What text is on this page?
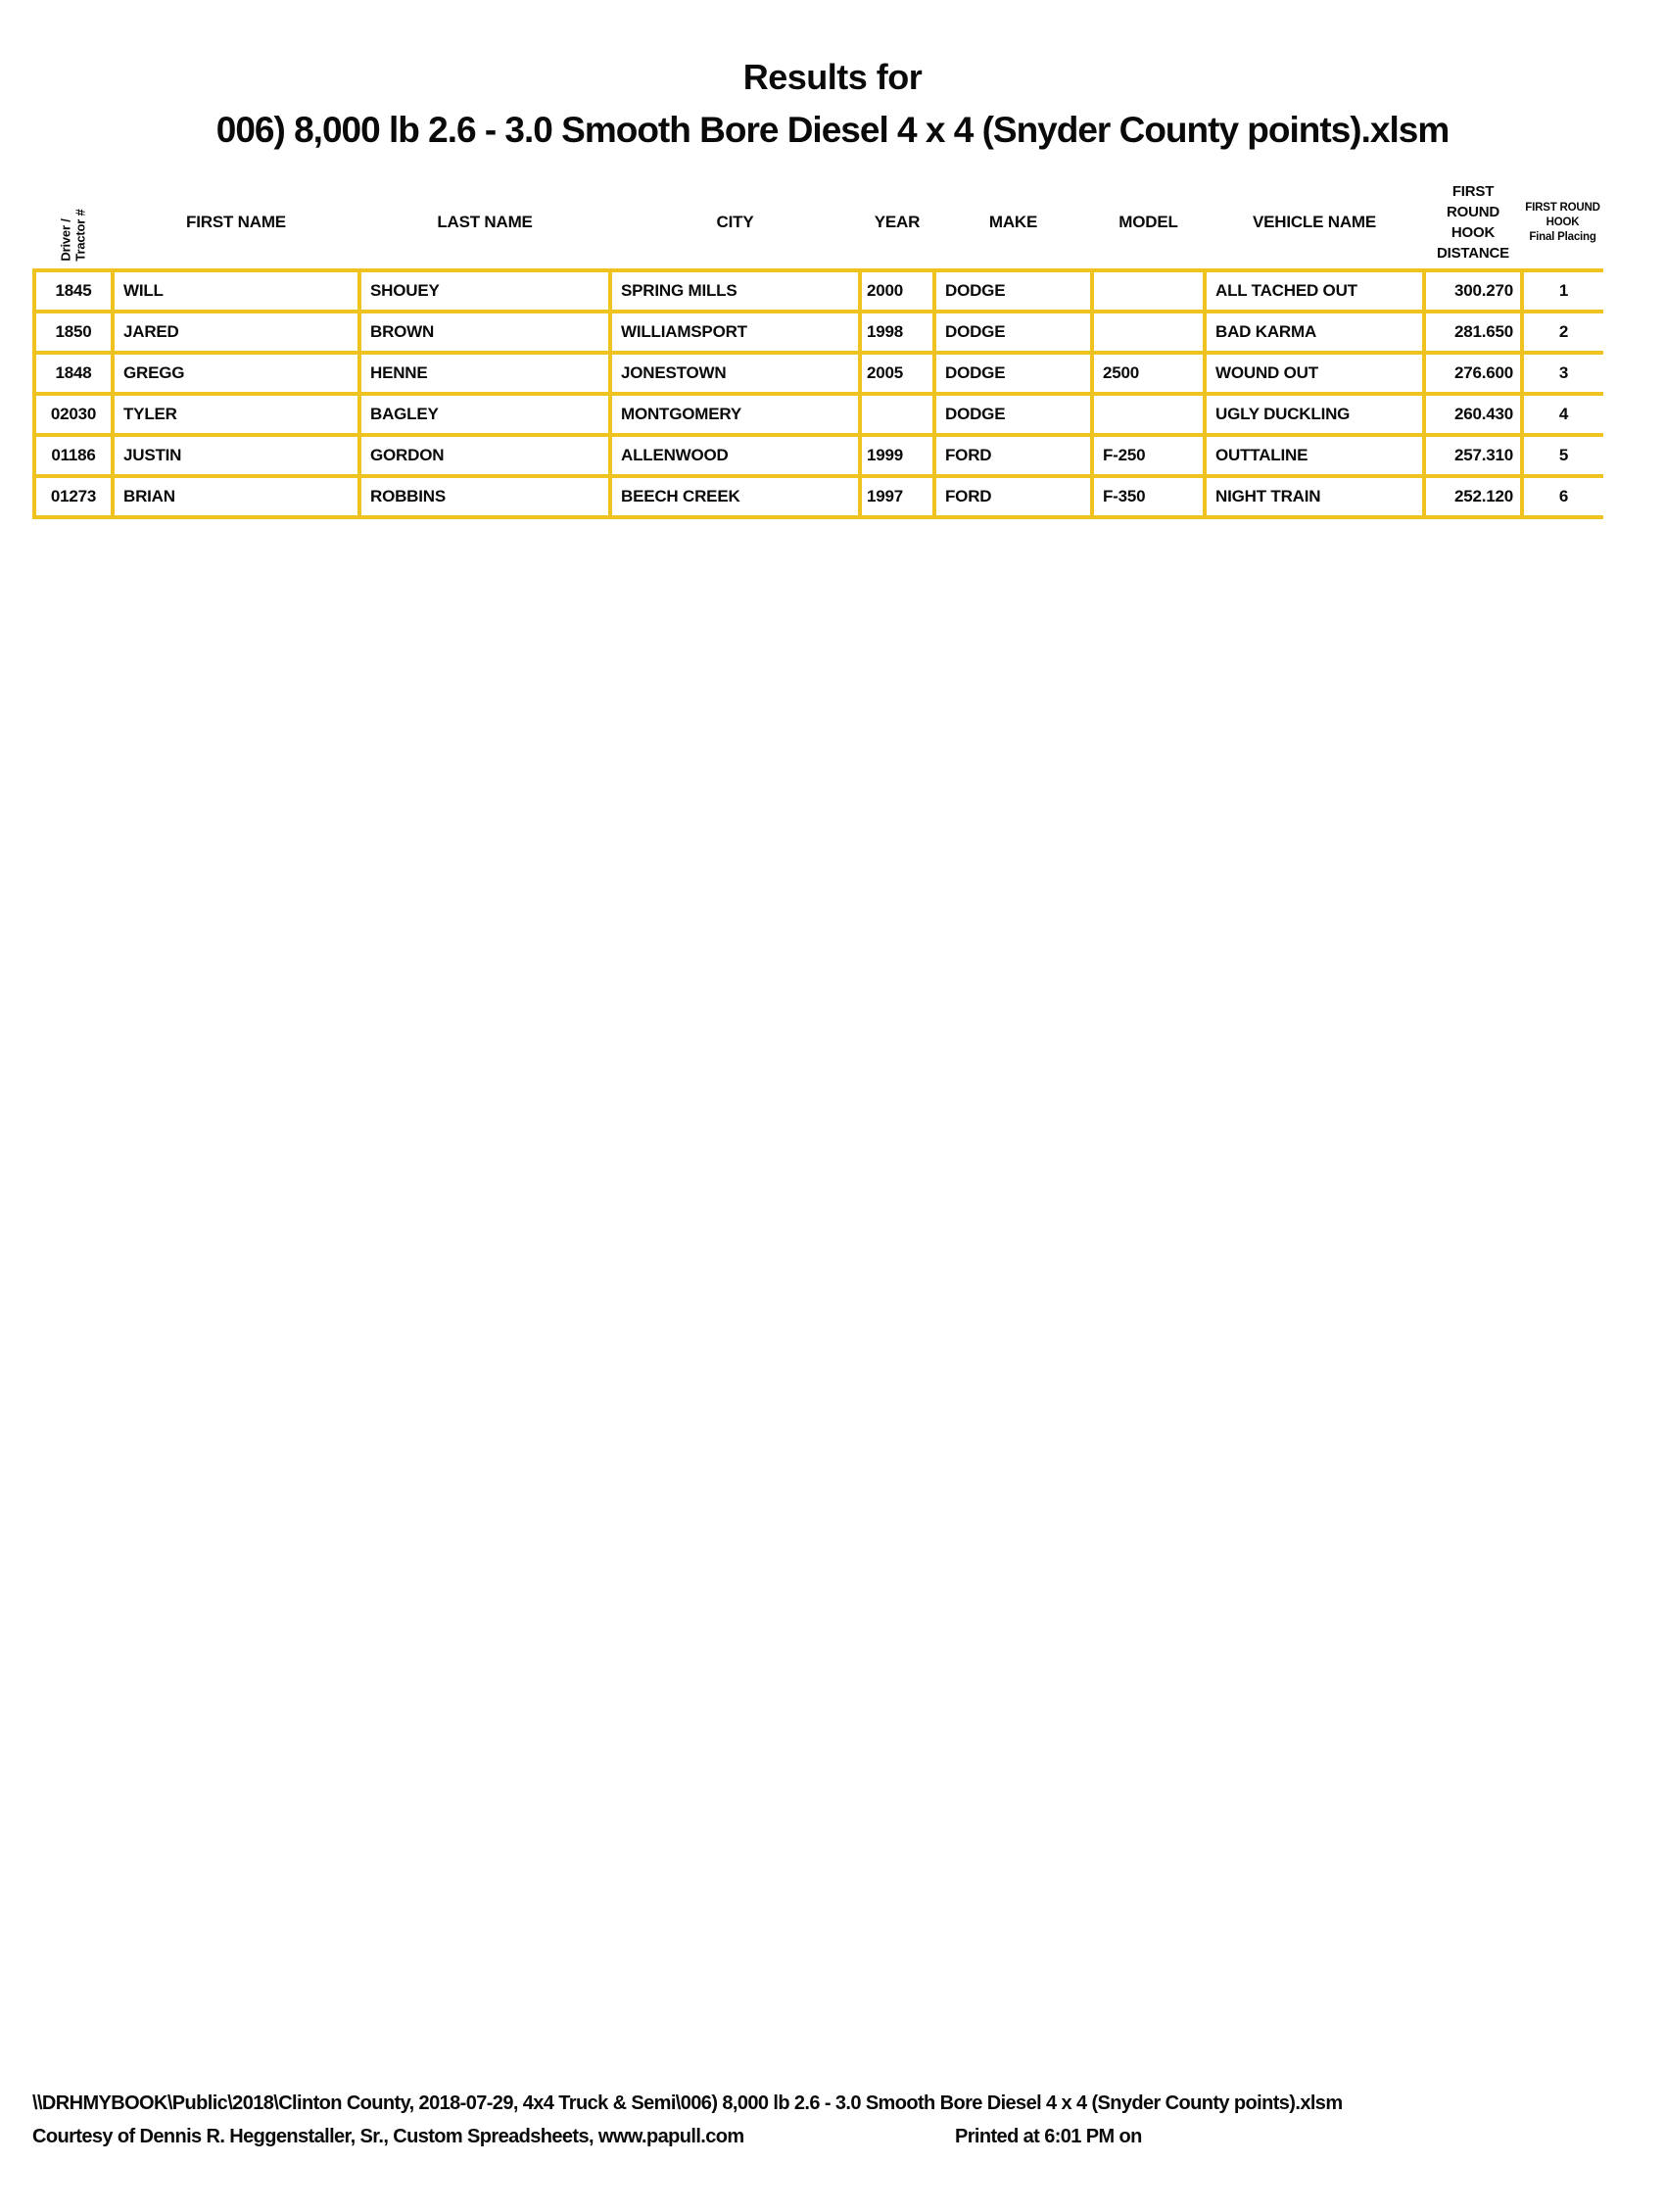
Results for
006) 8,000 lb 2.6 - 3.0 Smooth Bore Diesel 4 x 4 (Snyder County points).xlsm
Driver / Tractor #	FIRST NAME	LAST NAME	CITY	YEAR	MAKE	MODEL	VEHICLE NAME	FIRST
ROUND
HOOK
DISTANCE	FIRST ROUND
HOOK
Final Placing

1845	WILL	SHOUEY	SPRING MILLS	2000	DODGE		ALL TACHED OUT	300.270	1
1850	JARED	BROWN	WILLIAMSPORT	1998	DODGE		BAD KARMA	281.650	2
1848	GREGG	HENNE	JONESTOWN	2005	DODGE	2500	WOUND OUT	276.600	3
02030	TYLER	BAGLEY	MONTGOMERY		DODGE		UGLY DUCKLING	260.430	4
01186	JUSTIN	GORDON	ALLENWOOD	1999	FORD	F-250	OUTTALINE	257.310	5
01273	BRIAN	ROBBINS	BEECH CREEK	1997	FORD	F-350	NIGHT TRAIN	252.120	6
\\DRHMYBOOK\Public\2018\Clinton County, 2018-07-29, 4x4 Truck & Semi\006) 8,000 lb 2.6 - 3.0 Smooth Bore Diesel 4 x 4 (Snyder County points).xlsm
Courtesy of Dennis R. Heggenstaller, Sr., Custom Spreadsheets, www.papull.com	Printed at 6:01 PM on
